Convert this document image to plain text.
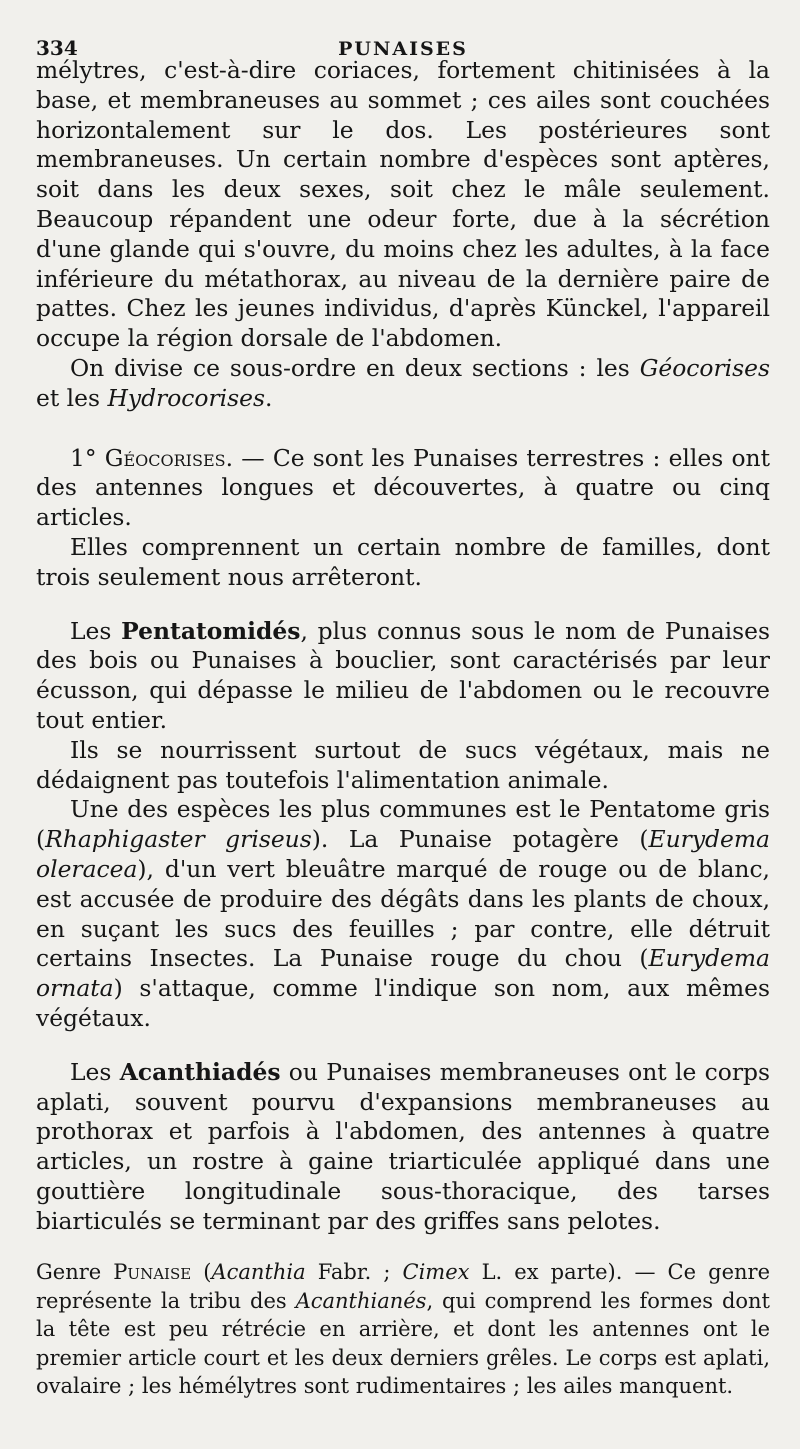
334	PUNAISES

mélytres, c'est-à-dire coriaces, fortement chitinisées à la base, et membraneuses au sommet ; ces ailes sont couchées horizontalement sur le dos. Les postérieures sont membraneuses. Un certain nombre d'espèces sont aptères, soit dans les deux sexes, soit chez le mâle seulement. Beaucoup répandent une odeur forte, due à la sécrétion d'une glande qui s'ouvre, du moins chez les adultes, à la face inférieure du métathorax, au niveau de la dernière paire de pattes. Chez les jeunes individus, d'après Künckel, l'appareil occupe la région dorsale de l'abdomen.

On divise ce sous-ordre en deux sections : les Géocorises et les Hydrocorises.

1° Géocorises. — Ce sont les Punaises terrestres : elles ont des antennes longues et découvertes, à quatre ou cinq articles.

Elles comprennent un certain nombre de familles, dont trois seulement nous arrêteront.

Les Pentatomidés, plus connus sous le nom de Punaises des bois ou Punaises à bouclier, sont caractérisés par leur écusson, qui dépasse le milieu de l'abdomen ou le recouvre tout entier.

Ils se nourrissent surtout de sucs végétaux, mais ne dédaignent pas toutefois l'alimentation animale.

Une des espèces les plus communes est le Pentatome gris (Rhaphigaster griseus). La Punaise potagère (Eurydema oleracea), d'un vert bleuâtre marqué de rouge ou de blanc, est accusée de produire des dégâts dans les plants de choux, en suçant les sucs des feuilles ; par contre, elle détruit certains Insectes. La Punaise rouge du chou (Eurydema ornata) s'attaque, comme l'indique son nom, aux mêmes végétaux.

Les Acanthiadés ou Punaises membraneuses ont le corps aplati, souvent pourvu d'expansions membraneuses au prothorax et parfois à l'abdomen, des antennes à quatre articles, un rostre à gaine triarticulée appliqué dans une gouttière longitudinale sous-thoracique, des tarses biarticulés se terminant par des griffes sans pelotes.

Genre Punaise (Acanthia Fabr. ; Cimex L. ex parte). — Ce genre représente la tribu des Acanthianés, qui comprend les formes dont la tête est peu rétrécie en arrière, et dont les antennes ont le premier article court et les deux derniers grêles. Le corps est aplati, ovalaire ; les hémélytres sont rudimentaires ; les ailes manquent.
